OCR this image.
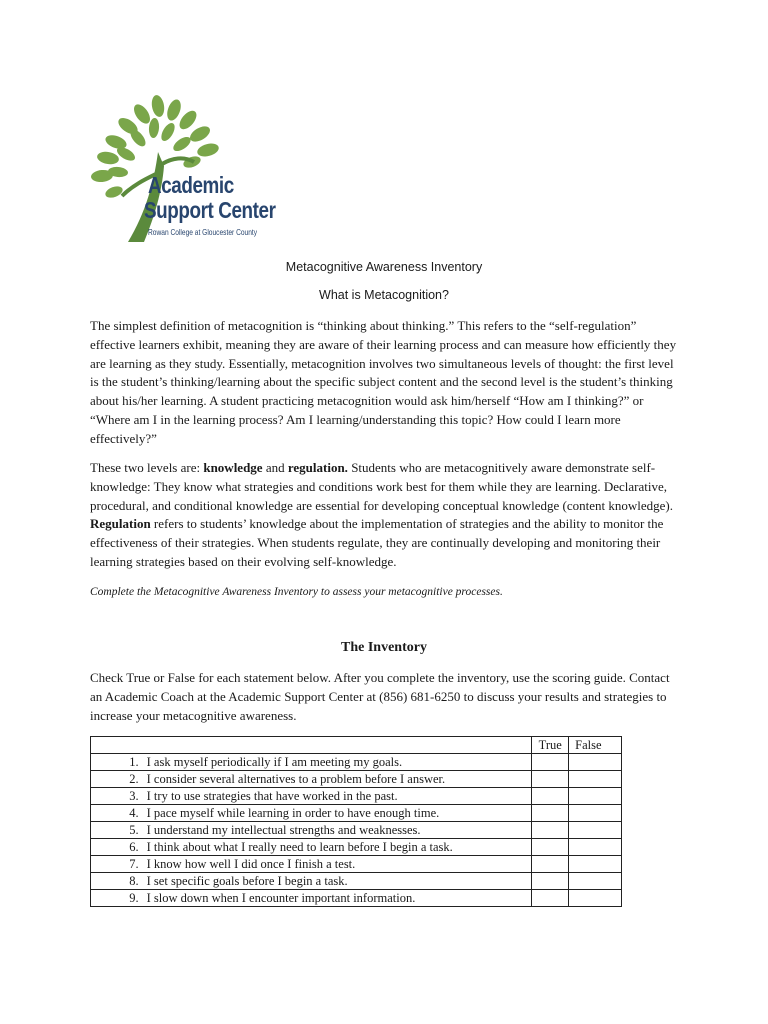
Academic
Support Center
Rowan College at Gloucester County
Metacognitive Awareness Inventory
What is Metacognition?

The simplest definition of metacognition is “thinking about thinking.” This refers to the “self-regulation” effective learners exhibit, meaning they are aware of their learning process and can measure how efficiently they are learning as they study. Essentially, metacognition involves two simultaneous levels of thought: the first level is the student’s thinking/learning about the specific subject content and the second level is the student’s thinking about his/her learning. A student practicing metacognition would ask him/herself “How am I thinking?” or “Where am I in the learning process? Am I learning/understanding this topic? How could I learn more effectively?”

These two levels are: knowledge and regulation. Students who are metacognitively aware demonstrate self-knowledge: They know what strategies and conditions work best for them while they are learning. Declarative, procedural, and conditional knowledge are essential for developing conceptual knowledge (content knowledge). Regulation refers to students’ knowledge about the implementation of strategies and the ability to monitor the effectiveness of their strategies. When students regulate, they are continually developing and monitoring their learning strategies based on their evolving self-knowledge.

Complete the Metacognitive Awareness Inventory to assess your metacognitive processes.

The Inventory

Check True or False for each statement below. After you complete the inventory, use the scoring guide. Contact an Academic Coach at the Academic Support Center at (856) 681-6250 to discuss your results and strategies to increase your metacognitive awareness.

		True	False
1.	I ask myself periodically if I am meeting my goals.		
2.	I consider several alternatives to a problem before I answer.		
3.	I try to use strategies that have worked in the past.		
4.	I pace myself while learning in order to have enough time.		
5.	I understand my intellectual strengths and weaknesses.		
6.	I think about what I really need to learn before I begin a task.		
7.	I know how well I did once I finish a test.		
8.	I set specific goals before I begin a task.		
9.	I slow down when I encounter important information.		
